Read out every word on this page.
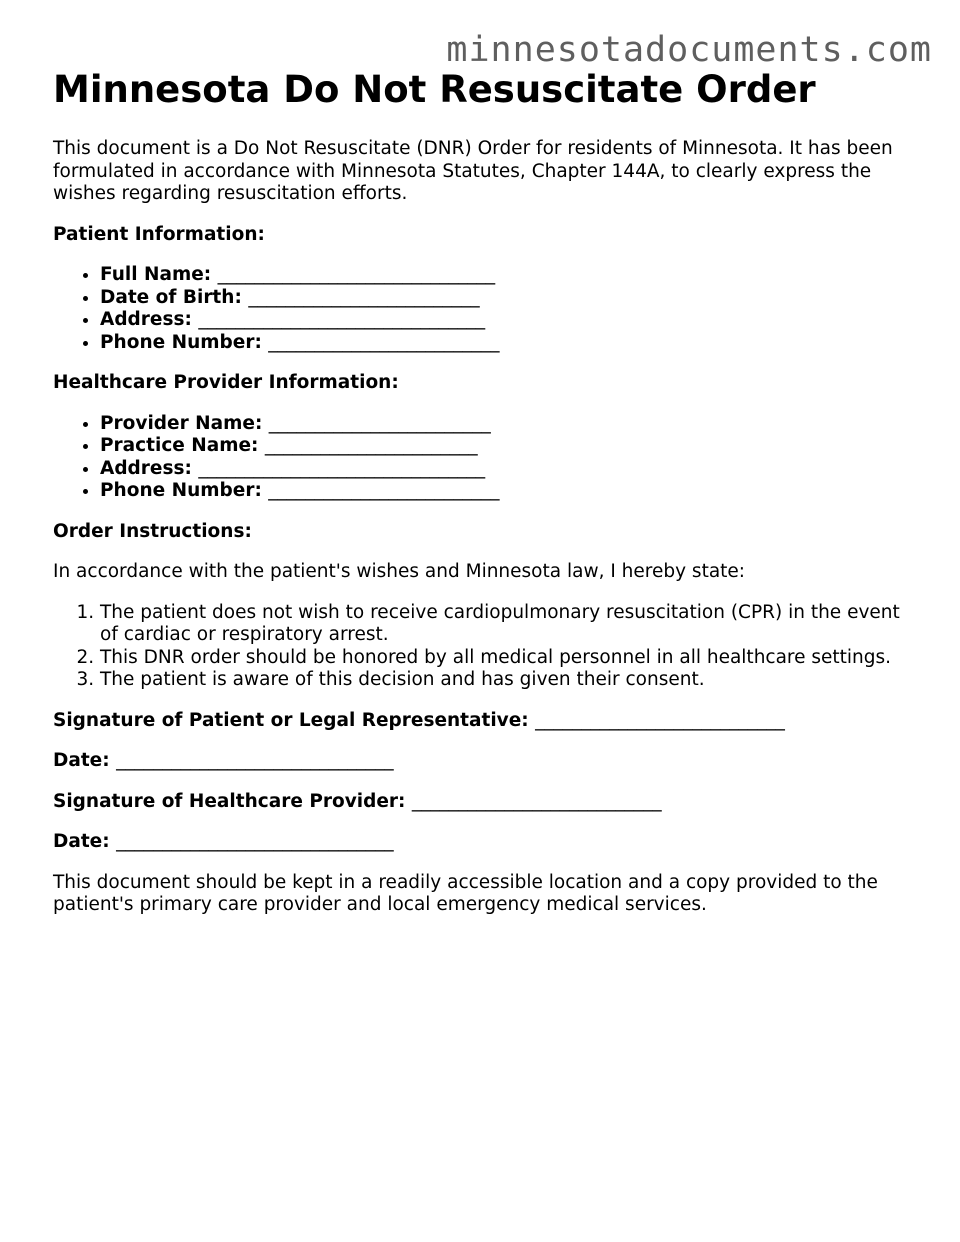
minnesotadocuments.com
Minnesota Do Not Resuscitate Order

This document is a Do Not Resuscitate (DNR) Order for residents of Minnesota. It has been formulated in accordance with Minnesota Statutes, Chapter 144A, to clearly express the wishes regarding resuscitation efforts.

Patient Information:
• Full Name: ______________________________
• Date of Birth: _________________________
• Address: _______________________________
• Phone Number: _________________________
Healthcare Provider Information:
• Provider Name: ________________________
• Practice Name: _______________________
• Address: _______________________________
• Phone Number: _________________________
Order Instructions:

In accordance with the patient's wishes and Minnesota law, I hereby state:

1. The patient does not wish to receive cardiopulmonary resuscitation (CPR) in the event of cardiac or respiratory arrest.
2. This DNR order should be honored by all medical personnel in all healthcare settings.
3. The patient is aware of this decision and has given their consent.
Signature of Patient or Legal Representative: ___________________________
Date: ______________________________
Signature of Healthcare Provider: ___________________________
Date: ______________________________

This document should be kept in a readily accessible location and a copy provided to the patient's primary care provider and local emergency medical services.
